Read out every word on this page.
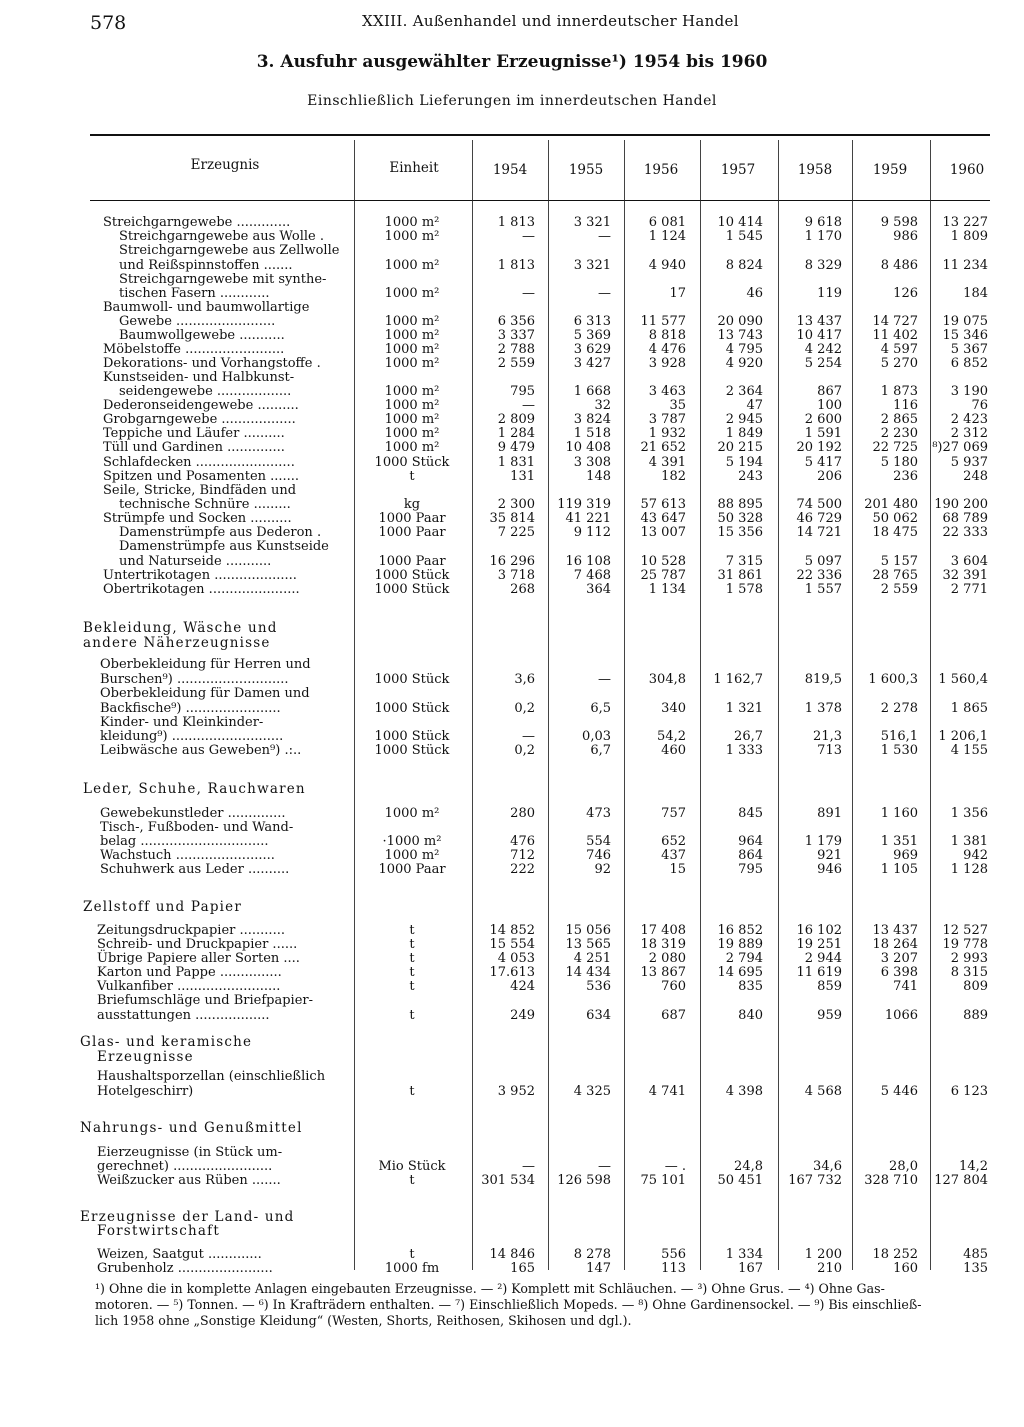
578	XXIII. Außenhandel und innerdeutscher Handel
3. Ausfuhr ausgewählter Erzeugnisse¹) 1954 bis 1960
Einschließlich Lieferungen im innerdeutschen Handel
Erzeugnis	Einheit	1954	1955	1956	1957	1958	1959	1960
Bekleidung, Wäsche und
andere Näherzeugnisse
Leder, Schuhe, Rauchwaren
Zellstoff und Papier
Glas- und keramische
Erzeugnisse
Nahrungs- und Genußmittel
Erzeugnisse der Land- und
Forstwirtschaft
Streichgarngewebe .............	1000 m²	1 813	3 321	6 081	10 414	9 618	9 598	13 227
Streichgarngewebe aus Wolle .	1000 m²	—	—	1 124	1 545	1 170	986	1 809
Streichgarngewebe aus Zellwolle
und Reißspinnstoffen .......	1000 m²	1 813	3 321	4 940	8 824	8 329	8 486	11 234
Streichgarngewebe mit synthe-
tischen Fasern ............	1000 m²	—	—	17	46	119	126	184
Baumwoll- und baumwollartige
Gewebe ........................	1000 m²	6 356	6 313	11 577	20 090	13 437	14 727	19 075
Baumwollgewebe ...........	1000 m²	3 337	5 369	8 818	13 743	10 417	11 402	15 346
Möbelstoffe ........................	1000 m²	2 788	3 629	4 476	4 795	4 242	4 597	5 367
Dekorations- und Vorhangstoffe .	1000 m²	2 559	3 427	3 928	4 920	5 254	5 270	6 852
Kunstseiden- und Halbkunst-
seidengewebe ..................	1000 m²	795	1 668	3 463	2 364	867	1 873	3 190
Dederonseidengewebe ..........	1000 m²	—	32	35	47	100	116	76
Grobgarngewebe ..................	1000 m²	2 809	3 824	3 787	2 945	2 600	2 865	2 423
Teppiche und Läufer ..........	1000 m²	1 284	1 518	1 932	1 849	1 591	2 230	2 312
Tüll und Gardinen ..............	1000 m²	9 479	10 408	21 652	20 215	20 192	22 725	⁸)27 069
Schlafdecken ........................	1000 Stück	1 831	3 308	4 391	5 194	5 417	5 180	5 937
Spitzen und Posamenten .......	t	131	148	182	243	206	236	248
Seile, Stricke, Bindfäden und
technische Schnüre .........	kg	2 300	119 319	57 613	88 895	74 500	201 480	190 200
Strümpfe und Socken ..........	1000 Paar	35 814	41 221	43 647	50 328	46 729	50 062	68 789
Damenstrümpfe aus Dederon .	1000 Paar	7 225	9 112	13 007	15 356	14 721	18 475	22 333
Damenstrümpfe aus Kunstseide
und Naturseide ...........	1000 Paar	16 296	16 108	10 528	7 315	5 097	5 157	3 604
Untertrikotagen ....................	1000 Stück	3 718	7 468	25 787	31 861	22 336	28 765	32 391
Obertrikotagen ......................	1000 Stück	268	364	1 134	1 578	1 557	2 559	2 771
Oberbekleidung für Herren und
Burschen⁹) ...........................	1000 Stück	3,6	—	304,8	1 162,7	819,5	1 600,3	1 560,4
Oberbekleidung für Damen und
Backfische⁹) .......................	1000 Stück	0,2	6,5	340	1 321	1 378	2 278	1 865
Kinder- und Kleinkinder-
kleidung⁹) ...........................	1000 Stück	—	0,03	54,2	26,7	21,3	516,1	1 206,1
Leibwäsche aus Geweben⁹) .:..	1000 Stück	0,2	6,7	460	1 333	713	1 530	4 155
Gewebekunstleder ..............	1000 m²	280	473	757	845	891	1 160	1 356
Tisch-, Fußboden- und Wand-
belag ...............................	·1000 m²	476	554	652	964	1 179	1 351	1 381
Wachstuch ........................	1000 m²	712	746	437	864	921	969	942
Schuhwerk aus Leder ..........	1000 Paar	222	92	15	795	946	1 105	1 128
Zeitungsdruckpapier ...........	t	14 852	15 056	17 408	16 852	16 102	13 437	12 527
Schreib- und Druckpapier ......	t	15 554	13 565	18 319	19 889	19 251	18 264	19 778
Übrige Papiere aller Sorten ....	t	4 053	4 251	2 080	2 794	2 944	3 207	2 993
Karton und Pappe ...............	t	17.613	14 434	13 867	14 695	11 619	6 398	8 315
Vulkanfiber .........................	t	424	536	760	835	859	741	809
Briefumschläge und Briefpapier-
ausstattungen ..................	t	249	634	687	840	959	1066	889
Haushaltsporzellan (einschließlich
Hotelgeschirr)	t	3 952	4 325	4 741	4 398	4 568	5 446	6 123
Eierzeugnisse (in Stück um-
gerechnet) ........................	Mio Stück	—	—	— .	24,8	34,6	28,0	14,2
Weißzucker aus Rüben .......	t	301 534	126 598	75 101	50 451	167 732	328 710	127 804
Weizen, Saatgut .............	t	14 846	8 278	556	1 334	1 200	18 252	485
Grubenholz .......................	1000 fm	165	147	113	167	210	160	135
¹) Ohne die in komplette Anlagen eingebauten Erzeugnisse. — ²) Komplett mit Schläuchen. — ³) Ohne Grus. — ⁴) Ohne Gas-
motoren. — ⁵) Tonnen. — ⁶) In Krafträdern enthalten. — ⁷) Einschließlich Mopeds. — ⁸) Ohne Gardinensockel. — ⁹) Bis einschließ-
lich 1958 ohne „Sonstige Kleidung“ (Westen, Shorts, Reithosen, Skihosen und dgl.).
